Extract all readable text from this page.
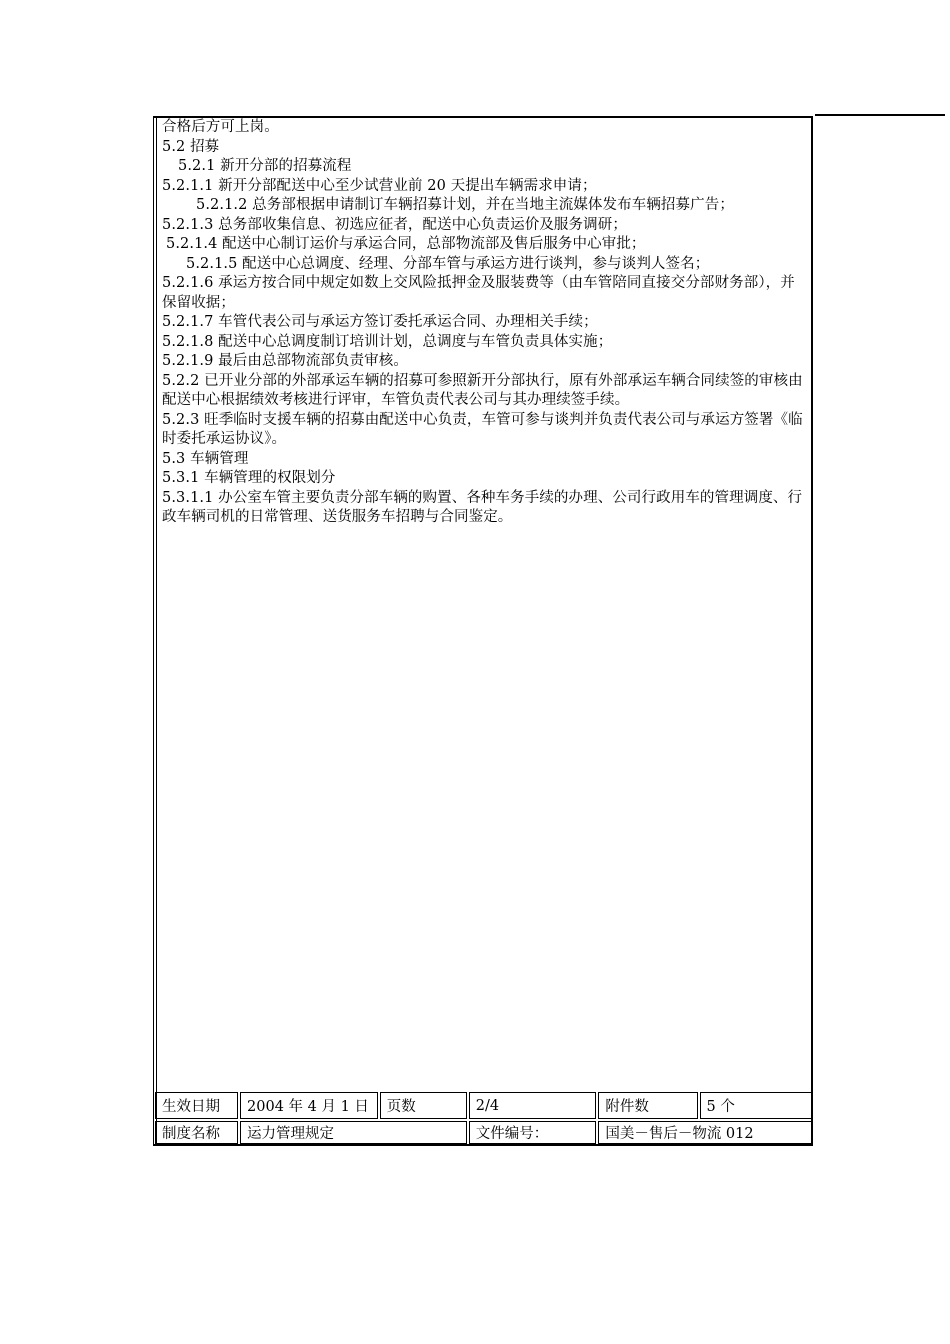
合格后方可上岗。

5.2 招募

5.2.1 新开分部的招募流程

5.2.1.1 新开分部配送中心至少试营业前 20 天提出车辆需求申请；

5.2.1.2 总务部根据申请制订车辆招募计划，并在当地主流媒体发布车辆招募广告；

5.2.1.3 总务部收集信息、初选应征者，配送中心负责运价及服务调研；

5.2.1.4 配送中心制订运价与承运合同，总部物流部及售后服务中心审批；

5.2.1.5 配送中心总调度、经理、分部车管与承运方进行谈判，参与谈判人签名；

5.2.1.6 承运方按合同中规定如数上交风险抵押金及服装费等（由车管陪同直接交分部财务部），并保留收据；

5.2.1.7 车管代表公司与承运方签订委托承运合同、办理相关手续；

5.2.1.8 配送中心总调度制订培训计划，总调度与车管负责具体实施；

5.2.1.9 最后由总部物流部负责审核。

5.2.2 已开业分部的外部承运车辆的招募可参照新开分部执行，原有外部承运车辆合同续签的审核由配送中心根据绩效考核进行评审，车管负责代表公司与其办理续签手续。

5.2.3 旺季临时支援车辆的招募由配送中心负责，车管可参与谈判并负责代表公司与承运方签署《临时委托承运协议》。

5.3 车辆管理

5.3.1 车辆管理的权限划分

5.3.1.1 办公室车管主要负责分部车辆的购置、各种车务手续的办理、公司行政用车的管理调度、行政车辆司机的日常管理、送货服务车招聘与合同鉴定。

生效日期	2004 年 4 月 1 日	页数	2/4	附件数	5 个
制度名称	运力管理规定		文件编号：	国美－售后－物流 012	
